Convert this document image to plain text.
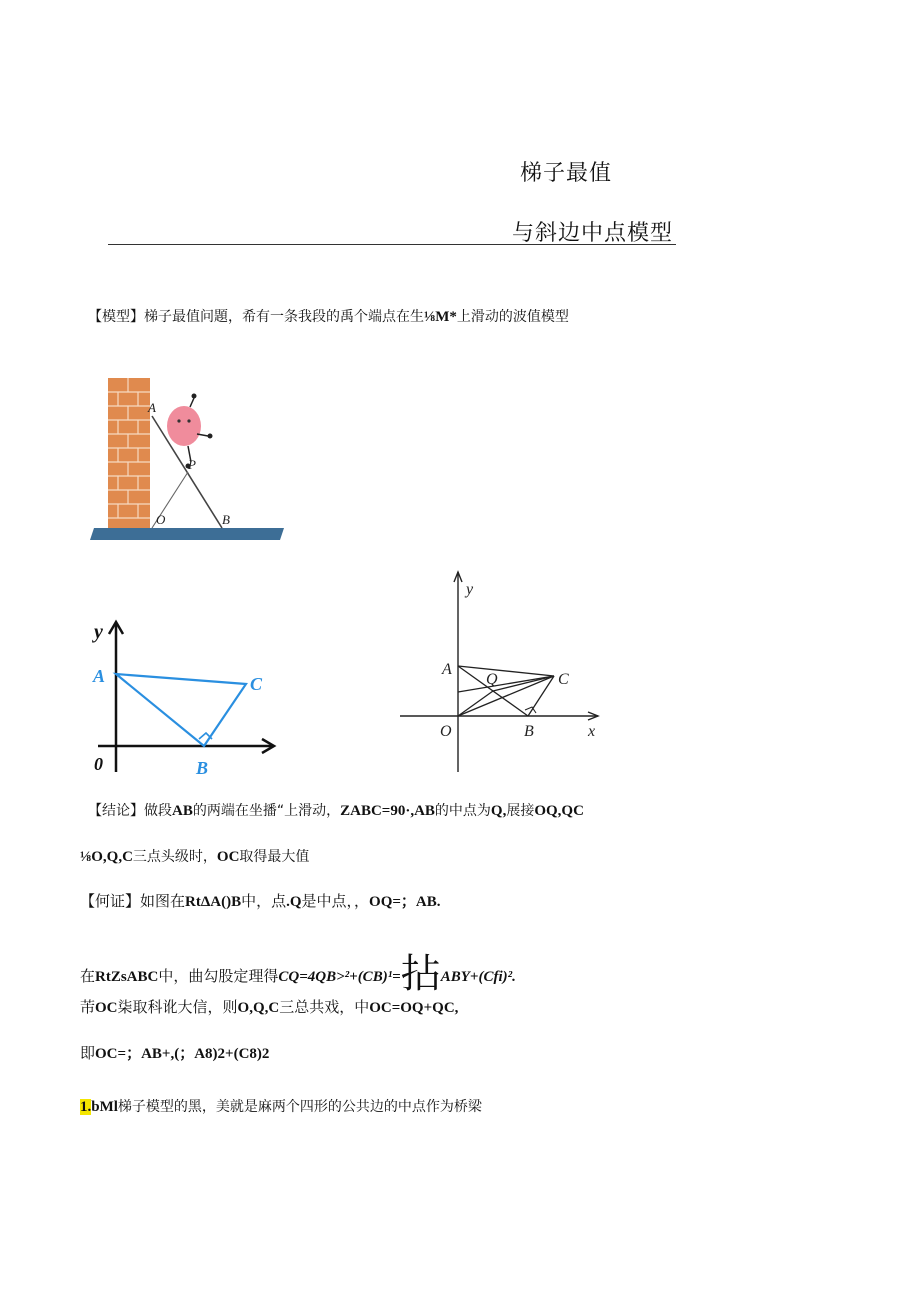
梯子最值
与斜边中点模型
【模型】梯子最值问題，希有一条我段的禹个端点在生⅛M*上滑动的波值模型
A
P
O	B
y
A	C
0	B
y
A
Q	C
O	B	x
【结论】做段AB的两端在坐播“上滑动，ZABC=90·,AB的中点为Q,展接OQ,QC
⅛O,Q,C三点头级时，OC取得最大值
【何证】如图在RtΔA()B中，点.Q是中点，，OQ=；AB.
在RtZsABC中，曲勾股定理得CQ=4QB>²+(CB)¹=拈ABY+(Cfi)².
芾OC柒取科讹大信，则O,Q,C三总共戏，中OC=OQ+QC,
即OC=；AB+,(；A8)2+(C8)2
1.bMl梯子模型的黑，美就是麻两个四形的公共边的中点作为桥梁
